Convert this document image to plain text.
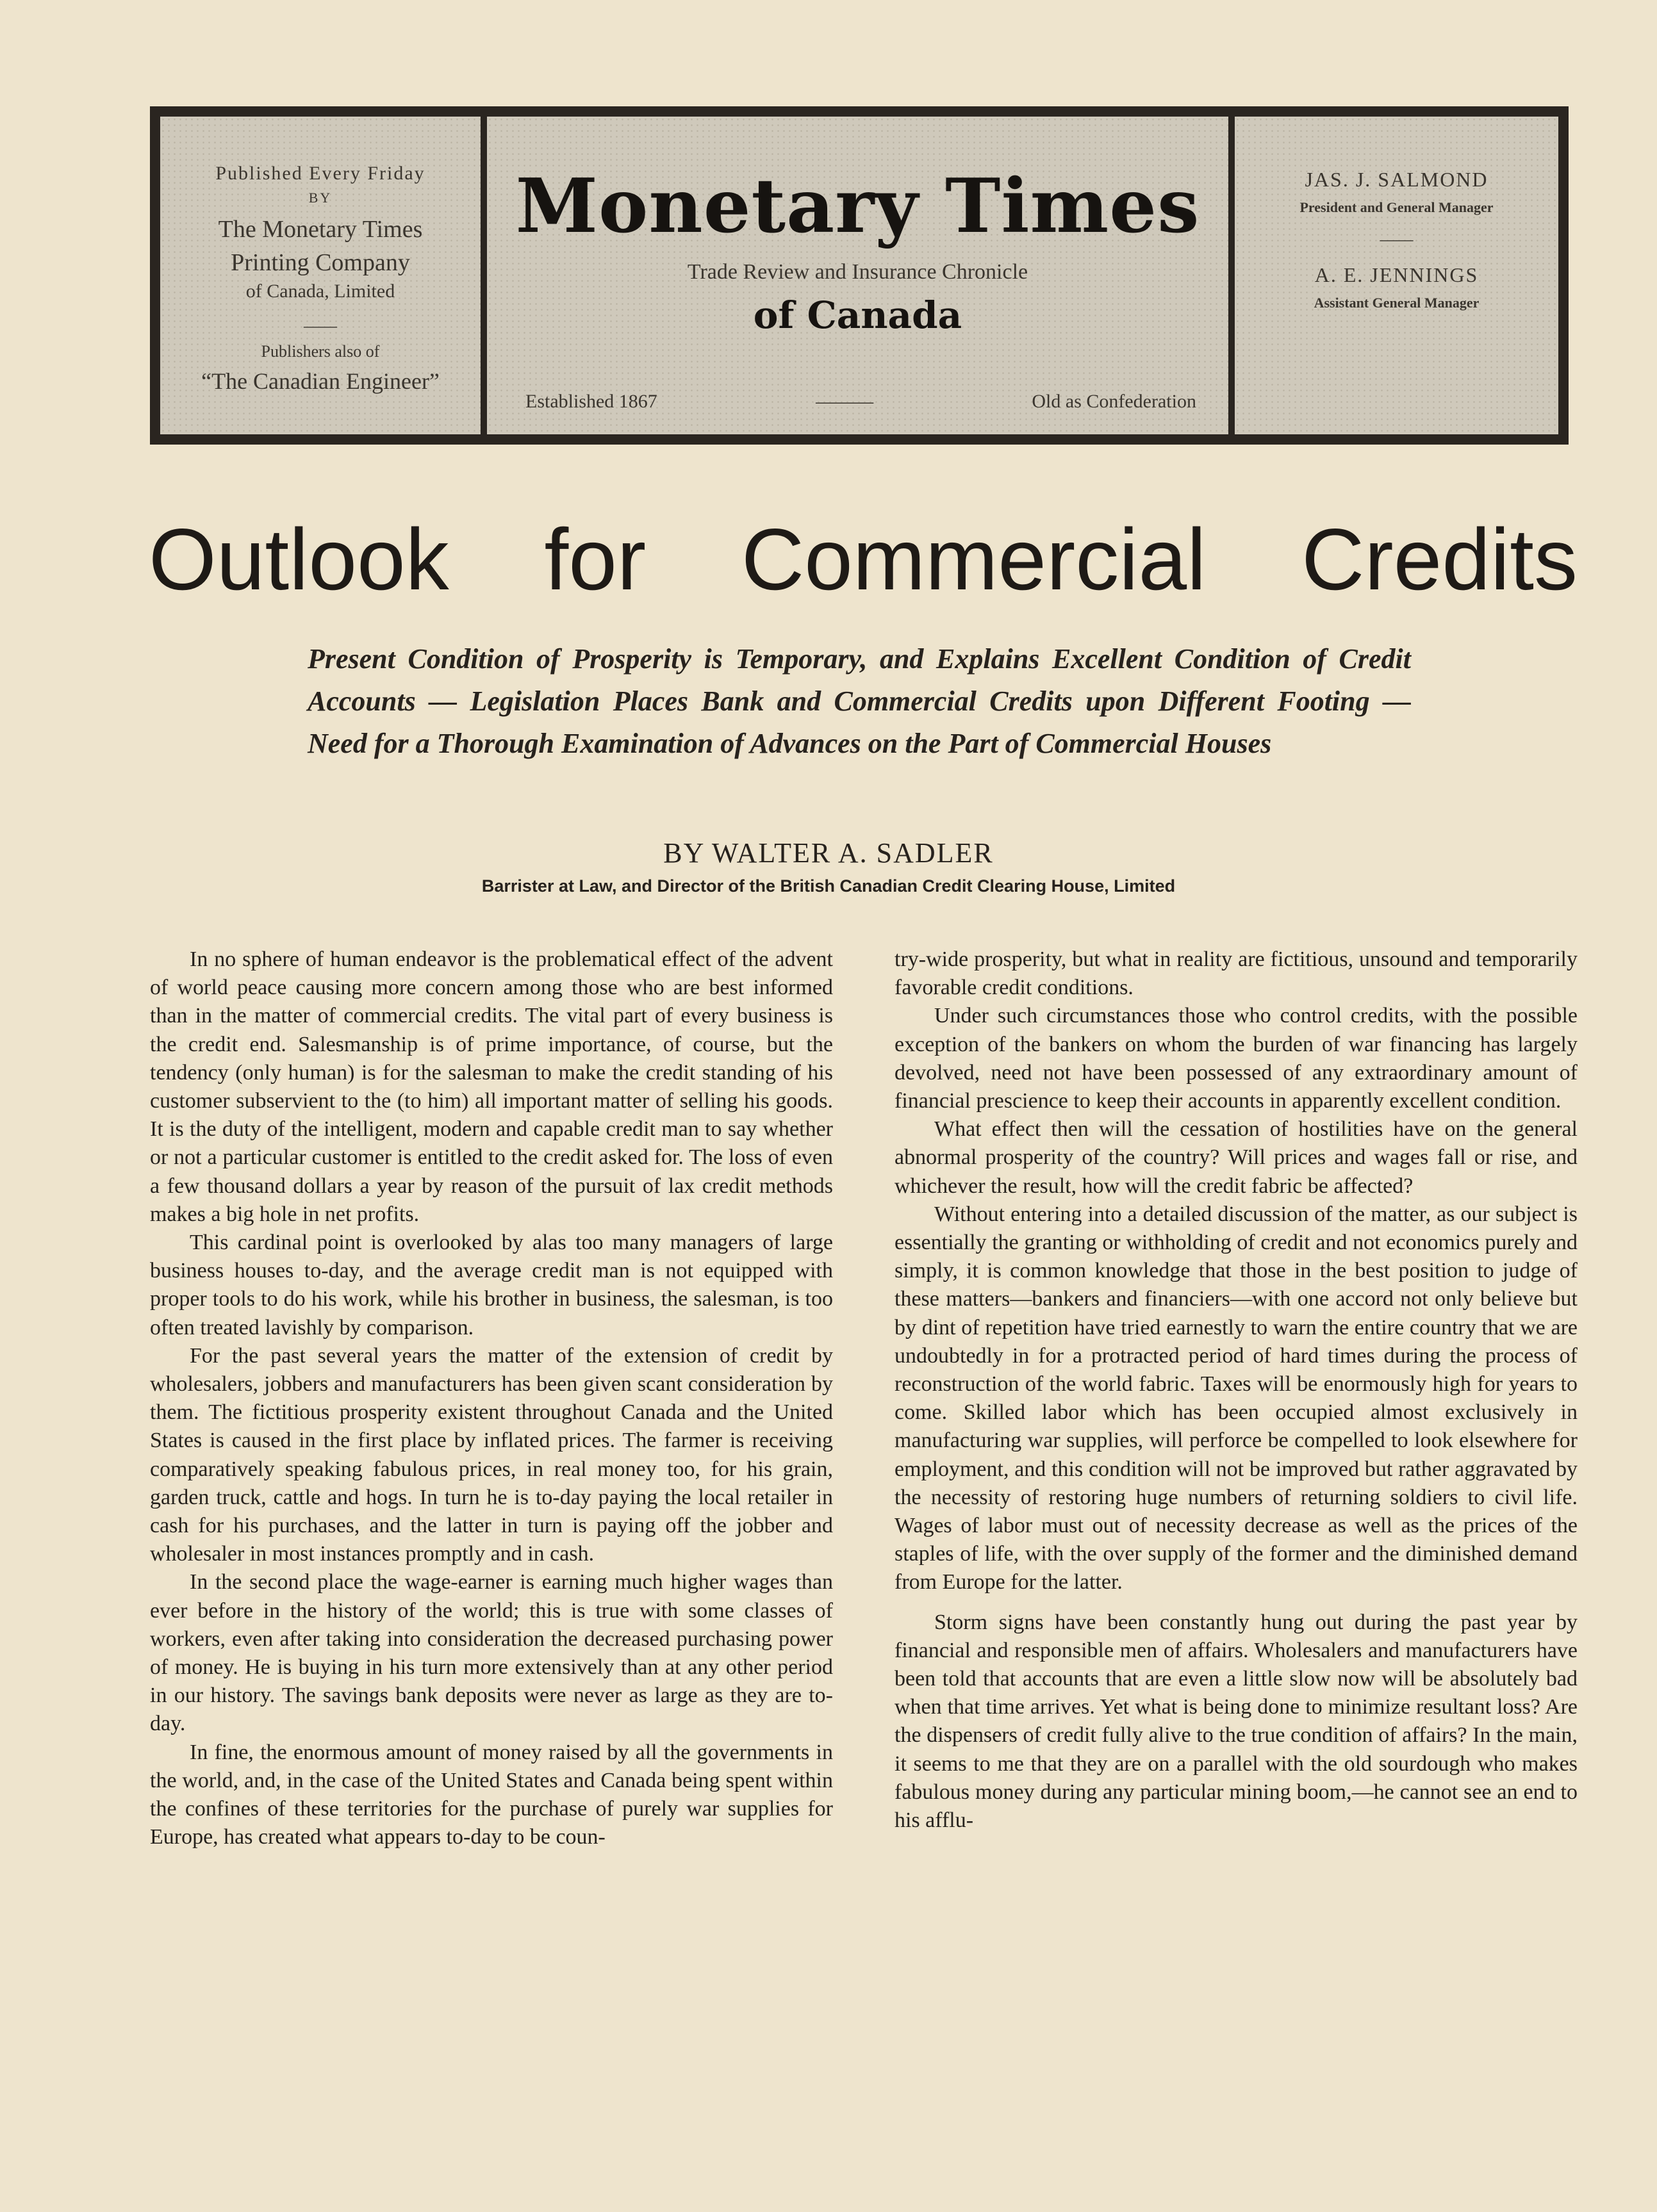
Published Every Friday
BY
The Monetary Times
Printing Company
of Canada, Limited
——
Publishers also of
“The Canadian Engineer”
Monetary Times
Trade Review and Insurance Chronicle
of Canada
Established 1867	———	Old as Confederation
JAS. J. SALMOND
President and General Manager
——
A. E. JENNINGS
Assistant General Manager
Outlook for Commercial Credits
Present Condition of Prosperity is Temporary, and Explains Excellent Condition of Credit Accounts — Legislation Places Bank and Commercial Credits upon Different Footing — Need for a Thorough Examination of Advances on the Part of Commercial Houses
BY WALTER A. SADLER
Barrister at Law, and Director of the British Canadian Credit Clearing House, Limited

In no sphere of human endeavor is the problematical effect of the advent of world peace causing more concern among those who are best informed than in the matter of commercial credits. The vital part of every business is the credit end. Salesmanship is of prime importance, of course, but the tendency (only human) is for the salesman to make the credit standing of his customer subservient to the (to him) all important matter of selling his goods. It is the duty of the intelligent, modern and capable credit man to say whether or not a particular customer is entitled to the credit asked for. The loss of even a few thousand dollars a year by reason of the pursuit of lax credit methods makes a big hole in net profits.

This cardinal point is overlooked by alas too many managers of large business houses to-day, and the average credit man is not equipped with proper tools to do his work, while his brother in business, the salesman, is too often treated lavishly by comparison.

For the past several years the matter of the extension of credit by wholesalers, jobbers and manufacturers has been given scant consideration by them. The fictitious prosperity existent throughout Canada and the United States is caused in the first place by inflated prices. The farmer is receiving comparatively speaking fabulous prices, in real money too, for his grain, garden truck, cattle and hogs. In turn he is to-day paying the local retailer in cash for his purchases, and the latter in turn is paying off the jobber and wholesaler in most instances promptly and in cash.

In the second place the wage-earner is earning much higher wages than ever before in the history of the world; this is true with some classes of workers, even after taking into consideration the decreased purchasing power of money. He is buying in his turn more extensively than at any other period in our history. The savings bank deposits were never as large as they are to-day.

In fine, the enormous amount of money raised by all the governments in the world, and, in the case of the United States and Canada being spent within the confines of these territories for the purchase of purely war supplies for Europe, has created what appears to-day to be coun-

try-wide prosperity, but what in reality are fictitious, unsound and temporarily favorable credit conditions.

Under such circumstances those who control credits, with the possible exception of the bankers on whom the burden of war financing has largely devolved, need not have been possessed of any extraordinary amount of financial prescience to keep their accounts in apparently excellent condition.

What effect then will the cessation of hostilities have on the general abnormal prosperity of the country? Will prices and wages fall or rise, and whichever the result, how will the credit fabric be affected?

Without entering into a detailed discussion of the matter, as our subject is essentially the granting or withholding of credit and not economics purely and simply, it is common knowledge that those in the best position to judge of these matters—bankers and financiers—with one accord not only believe but by dint of repetition have tried earnestly to warn the entire country that we are undoubtedly in for a protracted period of hard times during the process of reconstruction of the world fabric. Taxes will be enormously high for years to come. Skilled labor which has been occupied almost exclusively in manufacturing war supplies, will perforce be compelled to look elsewhere for employment, and this condition will not be improved but rather aggravated by the necessity of restoring huge numbers of returning soldiers to civil life. Wages of labor must out of necessity decrease as well as the prices of the staples of life, with the over supply of the former and the diminished demand from Europe for the latter.

Storm signs have been constantly hung out during the past year by financial and responsible men of affairs. Wholesalers and manufacturers have been told that accounts that are even a little slow now will be absolutely bad when that time arrives. Yet what is being done to minimize resultant loss? Are the dispensers of credit fully alive to the true condition of affairs? In the main, it seems to me that they are on a parallel with the old sourdough who makes fabulous money during any particular mining boom,—he cannot see an end to his afflu-
